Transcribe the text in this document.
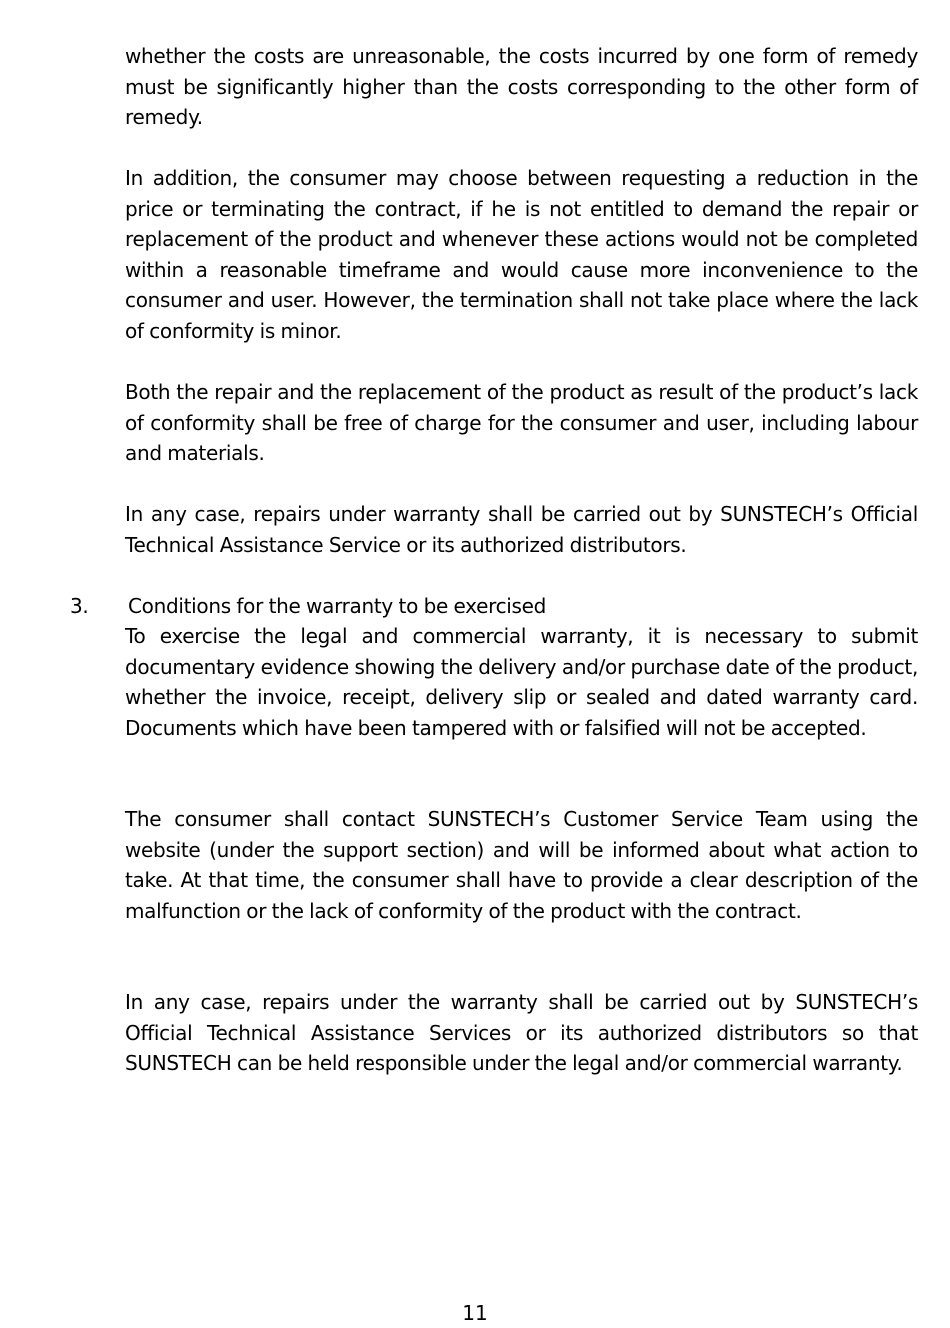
whether the costs are unreasonable, the costs incurred by one form of remedy must be significantly higher than the costs corresponding to the other form of remedy.

In addition, the consumer may choose between requesting a reduction in the price or terminating the contract, if he is not entitled to demand the repair or replacement of the product and whenever these actions would not be completed within a reasonable timeframe and would cause more inconvenience to the consumer and user. However, the termination shall not take place where the lack of conformity is minor.

Both the repair and the replacement of the product as result of the product’s lack of conformity shall be free of charge for the consumer and user, including labour and materials.

In any case, repairs under warranty shall be carried out by SUNSTECH’s Official Technical Assistance Service or its authorized distributors.

3. Conditions for the warranty to be exercised

To exercise the legal and commercial warranty, it is necessary to submit documentary evidence showing the delivery and/or purchase date of the product, whether the invoice, receipt, delivery slip or sealed and dated warranty card. Documents which have been tampered with or falsified will not be accepted.

The consumer shall contact SUNSTECH’s Customer Service Team using the website (under the support section) and will be informed about what action to take. At that time, the consumer shall have to provide a clear description of the malfunction or the lack of conformity of the product with the contract.

In any case, repairs under the warranty shall be carried out by SUNSTECH’s Official Technical Assistance Services or its authorized distributors so that SUNSTECH can be held responsible under the legal and/or commercial warranty.

11
